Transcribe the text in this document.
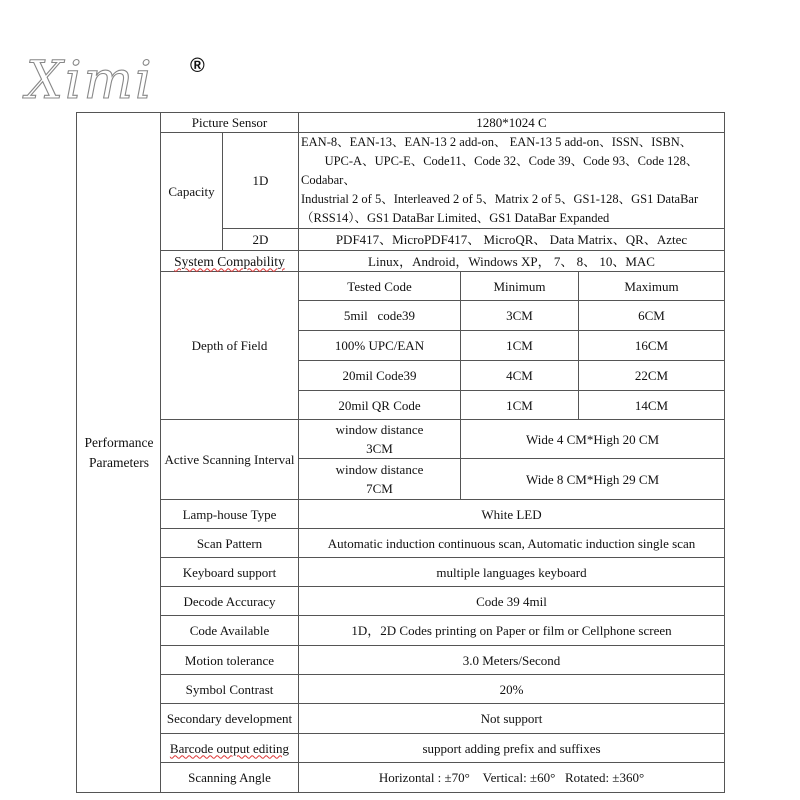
Ximi ®
Performance Parameters	Picture Sensor		1280*1024 C		
	Capacity	1D	EAN-8、EAN-13、EAN-13 2 add-on、 EAN-13 5 add-on、ISSN、ISBN、
UPC-A、UPC-E、Code11、Code 32、Code 39、Code 93、Code 128、Codabar、
Industrial 2 of 5、Interleaved 2 of 5、Matrix 2 of 5、GS1-128、GS1 DataBar
（RSS14）、GS1 DataBar Limited、GS1 DataBar Expanded		

		2D	PDF417、MicroPDF417、 MicroQR、 Data Matrix、QR、Aztec		
	System Compability		Linux，Android，Windows XP， 7、 8、 10、MAC		
	Depth of Field		Tested Code	Minimum	Maximum
			5mil   code39	3CM	6CM
			100% UPC/EAN	1CM	16CM
			20mil Code39	4CM	22CM
			20mil QR Code	1CM	14CM
	Active Scanning Interval		window distance
3CM	Wide 4 CM*High 20 CM	

			window distance
7CM	Wide 8 CM*High 29 CM	
	Lamp-house Type		White LED		
	Scan Pattern		Automatic induction continuous scan, Automatic induction single scan		
	Keyboard support		multiple languages keyboard		
	Decode Accuracy		Code 39 4mil		
	Code Available		1D，2D Codes printing on Paper or film or Cellphone screen		
	Motion tolerance		3.0 Meters/Second		
	Symbol Contrast		20%		
	Secondary development		Not support		
	Barcode output editing		support adding prefix and suffixes		
	Scanning Angle		Horizontal : ±70°    Vertical: ±60°   Rotated: ±360°		
